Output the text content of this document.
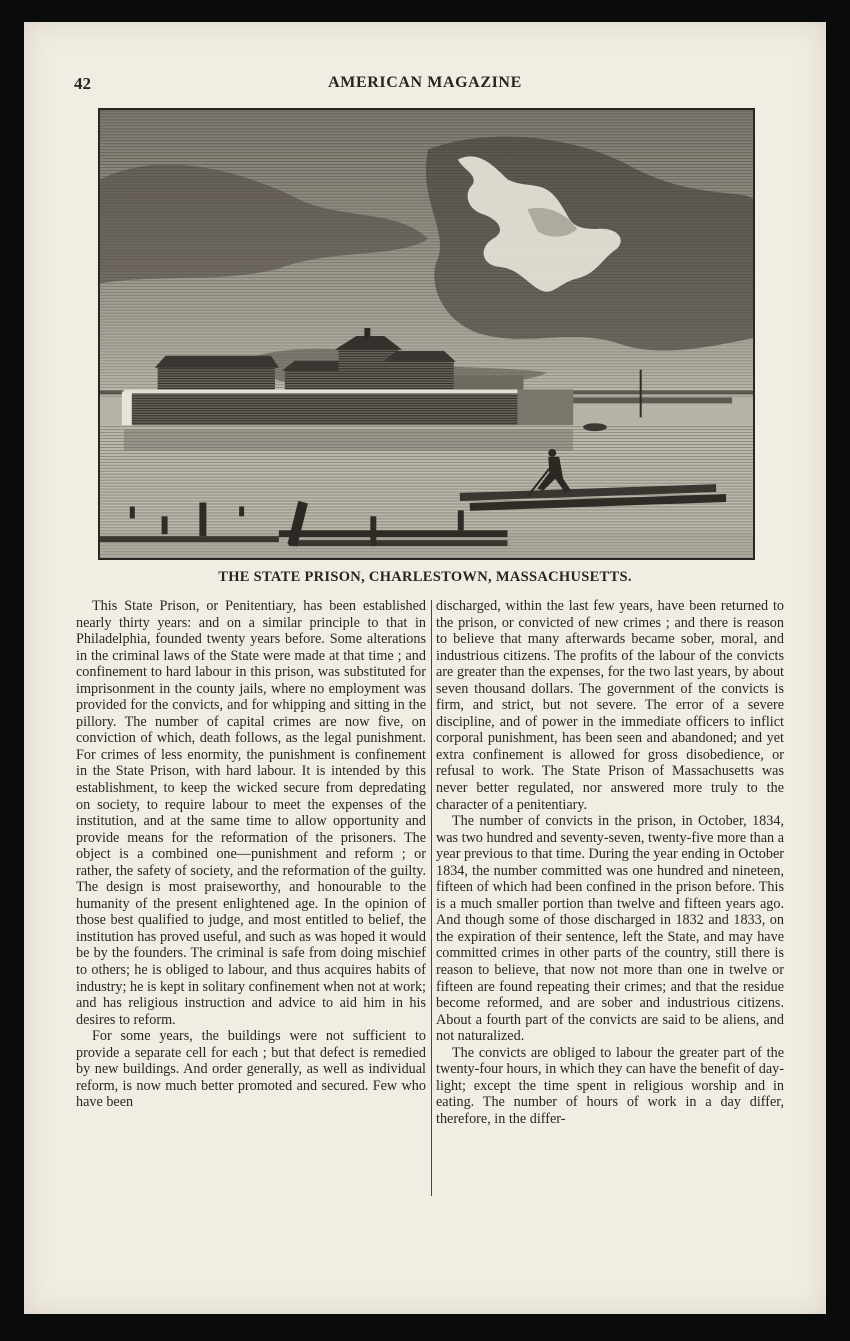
42	AMERICAN MAGAZINE
THE STATE PRISON, CHARLESTOWN, MASSACHUSETTS.

This State Prison, or Penitentiary, has been established nearly thirty years: and on a similar principle to that in Philadelphia, founded twenty years before. Some alterations in the criminal laws of the State were made at that time ; and confinement to hard labour in this prison, was substituted for imprisonment in the county jails, where no employment was provided for the convicts, and for whipping and sitting in the pillory. The number of capital crimes are now five, on conviction of which, death follows, as the legal punishment. For crimes of less enormity, the punishment is confinement in the State Prison, with hard labour. It is intended by this establishment, to keep the wicked secure from depredating on society, to require labour to meet the expenses of the institution, and at the same time to allow opportunity and provide means for the reformation of the prisoners. The object is a combined one—punishment and reform ; or rather, the safety of society, and the reformation of the guilty. The design is most praiseworthy, and honourable to the humanity of the present enlightened age. In the opinion of those best qualified to judge, and most entitled to belief, the institution has proved useful, and such as was hoped it would be by the founders. The criminal is safe from doing mischief to others; he is obliged to labour, and thus acquires habits of industry; he is kept in solitary confinement when not at work; and has religious instruction and advice to aid him in his desires to reform.

For some years, the buildings were not sufficient to provide a separate cell for each ; but that defect is remedied by new buildings. And order generally, as well as individual reform, is now much better promoted and secured. Few who have been

discharged, within the last few years, have been returned to the prison, or convicted of new crimes ; and there is reason to believe that many afterwards became sober, moral, and industrious citizens. The profits of the labour of the convicts are greater than the expenses, for the two last years, by about seven thousand dollars. The government of the convicts is firm, and strict, but not severe. The error of a severe discipline, and of power in the immediate officers to inflict corporal punishment, has been seen and abandoned; and yet extra confinement is allowed for gross disobedience, or refusal to work. The State Prison of Massachusetts was never better regulated, nor answered more truly to the character of a penitentiary.

The number of convicts in the prison, in October, 1834, was two hundred and seventy-seven, twenty-five more than a year previous to that time. During the year ending in October 1834, the number committed was one hundred and nineteen, fifteen of which had been confined in the prison before. This is a much smaller portion than twelve and fifteen years ago. And though some of those discharged in 1832 and 1833, on the expiration of their sentence, left the State, and may have committed crimes in other parts of the country, still there is reason to believe, that now not more than one in twelve or fifteen are found repeating their crimes; and that the residue become reformed, and are sober and industrious citizens. About a fourth part of the convicts are said to be aliens, and not naturalized.

The convicts are obliged to labour the greater part of the twenty-four hours, in which they can have the benefit of day-light; except the time spent in religious worship and in eating. The number of hours of work in a day differ, therefore, in the differ-
